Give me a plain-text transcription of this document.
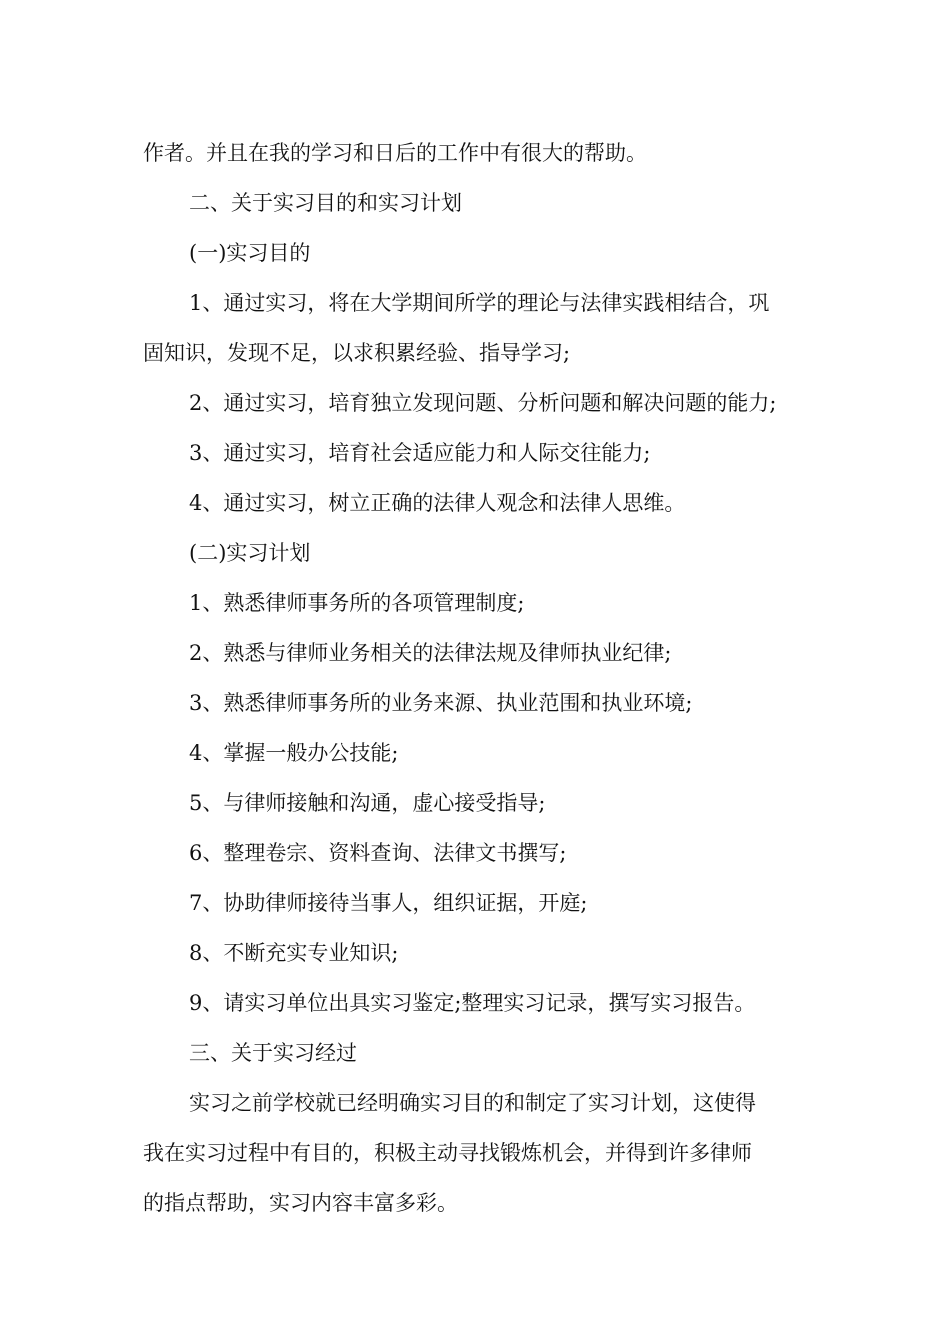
作者。并且在我的学习和日后的工作中有很大的帮助。
二、关于实习目的和实习计划
(一)实习目的
1、通过实习，将在大学期间所学的理论与法律实践相结合，巩
固知识，发现不足，以求积累经验、指导学习;
2、通过实习，培育独立发现问题、分析问题和解决问题的能力;
3、通过实习，培育社会适应能力和人际交往能力;
4、通过实习，树立正确的法律人观念和法律人思维。
(二)实习计划
1、熟悉律师事务所的各项管理制度;
2、熟悉与律师业务相关的法律法规及律师执业纪律;
3、熟悉律师事务所的业务来源、执业范围和执业环境;
4、掌握一般办公技能;
5、与律师接触和沟通，虚心接受指导;
6、整理卷宗、资料查询、法律文书撰写;
7、协助律师接待当事人，组织证据，开庭;
8、不断充实专业知识;
9、请实习单位出具实习鉴定;整理实习记录，撰写实习报告。
三、关于实习经过
实习之前学校就已经明确实习目的和制定了实习计划，这使得
我在实习过程中有目的，积极主动寻找锻炼机会，并得到许多律师
的指点帮助，实习内容丰富多彩。
